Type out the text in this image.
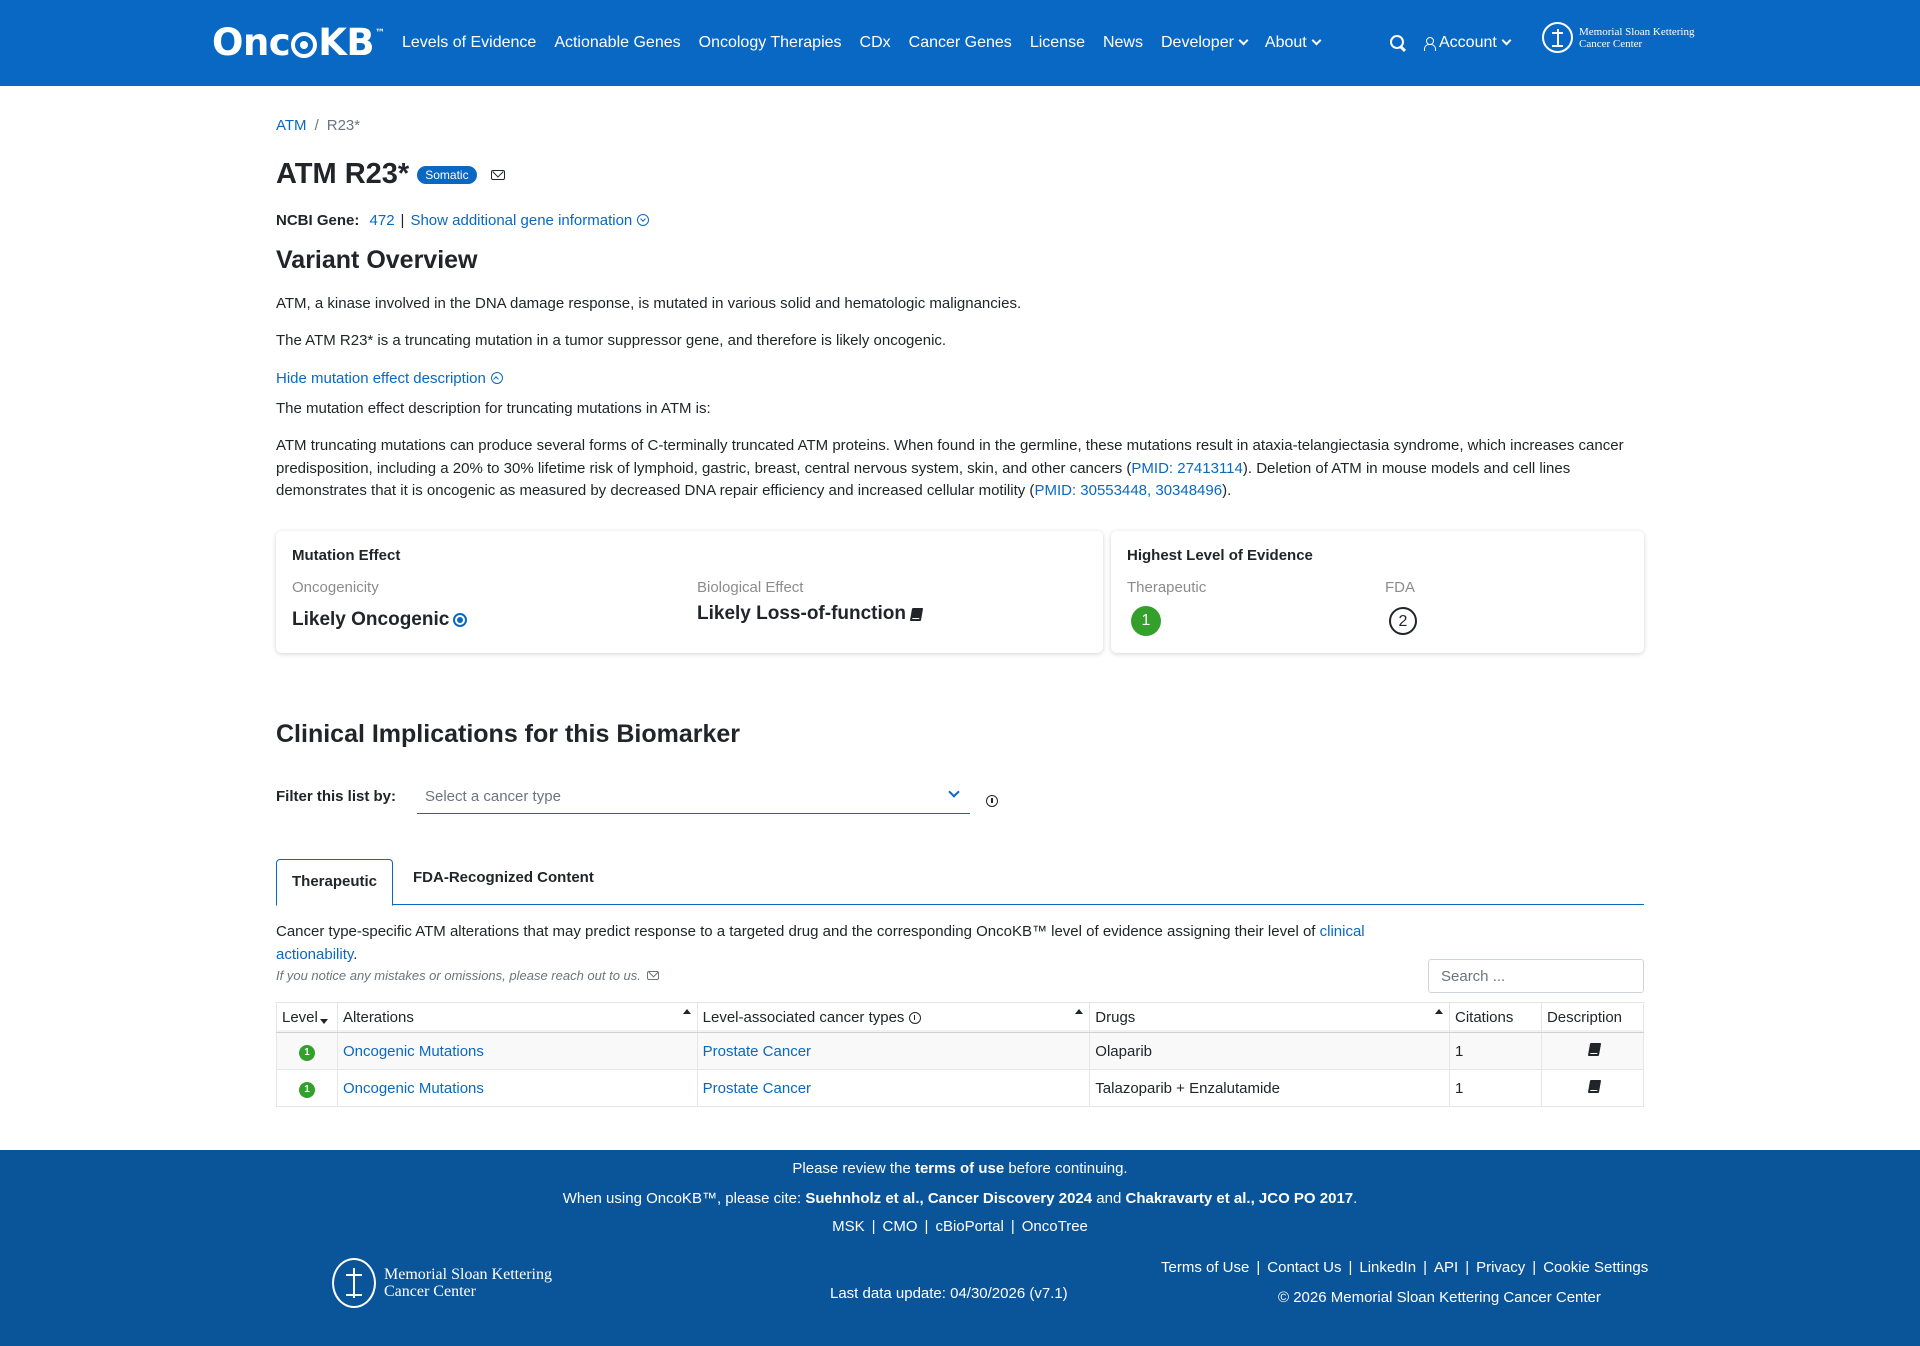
Onc KB ™
Levels of Evidence Actionable Genes Oncology Therapies CDx Cancer Genes License News Developer About	Account
Memorial Sloan Kettering
Cancer Center
ATM / R23*
ATM R23*	Somatic
NCBI Gene: 472 | Show additional gene information
Variant Overview

ATM, a kinase involved in the DNA damage response, is mutated in various solid and hematologic malignancies.

The ATM R23* is a truncating mutation in a tumor suppressor gene, and therefore is likely oncogenic.

Hide mutation effect description

The mutation effect description for truncating mutations in ATM is:

ATM truncating mutations can produce several forms of C-terminally truncated ATM proteins. When found in the germline, these mutations result in ataxia-telangiectasia syndrome, which increases cancer predisposition, including a 20% to 30% lifetime risk of lymphoid, gastric, breast, central nervous system, skin, and other cancers (PMID: 27413114). Deletion of ATM in mouse models and cell lines demonstrates that it is oncogenic as measured by decreased DNA repair efficiency and increased cellular motility (PMID: 30553448, 30348496).

Mutation Effect
Oncogenicity
Likely Oncogenic
Biological Effect
Likely Loss-of-function
Highest Level of Evidence
Therapeutic
1
FDA
2
Clinical Implications for this Biomarker
Filter this list by: Select a cancer type
Therapeutic	FDA-Recognized Content

Cancer type-specific ATM alterations that may predict response to a targeted drug and the corresponding OncoKB™ level of evidence assigning their level of clinical actionability.

If you notice any mistakes or omissions, please reach out to us.

Search ...
Level	Alterations	Level-associated cancer types	Drugs	Citations	Description
1	Oncogenic Mutations	Prostate Cancer	Olaparib	1	
1	Oncogenic Mutations	Prostate Cancer	Talazoparib + Enzalutamide	1	

Please review the terms of use before continuing.

When using OncoKB™, please cite: Suehnholz et al., Cancer Discovery 2024 and Chakravarty et al., JCO PO 2017.

MSK | CMO | cBioPortal | OncoTree

Memorial Sloan Kettering
Cancer Center	Last data update: 04/30/2026 (v7.1)

Terms of Use | Contact Us | LinkedIn | API | Privacy | Cookie Settings

© 2026 Memorial Sloan Kettering Cancer Center
